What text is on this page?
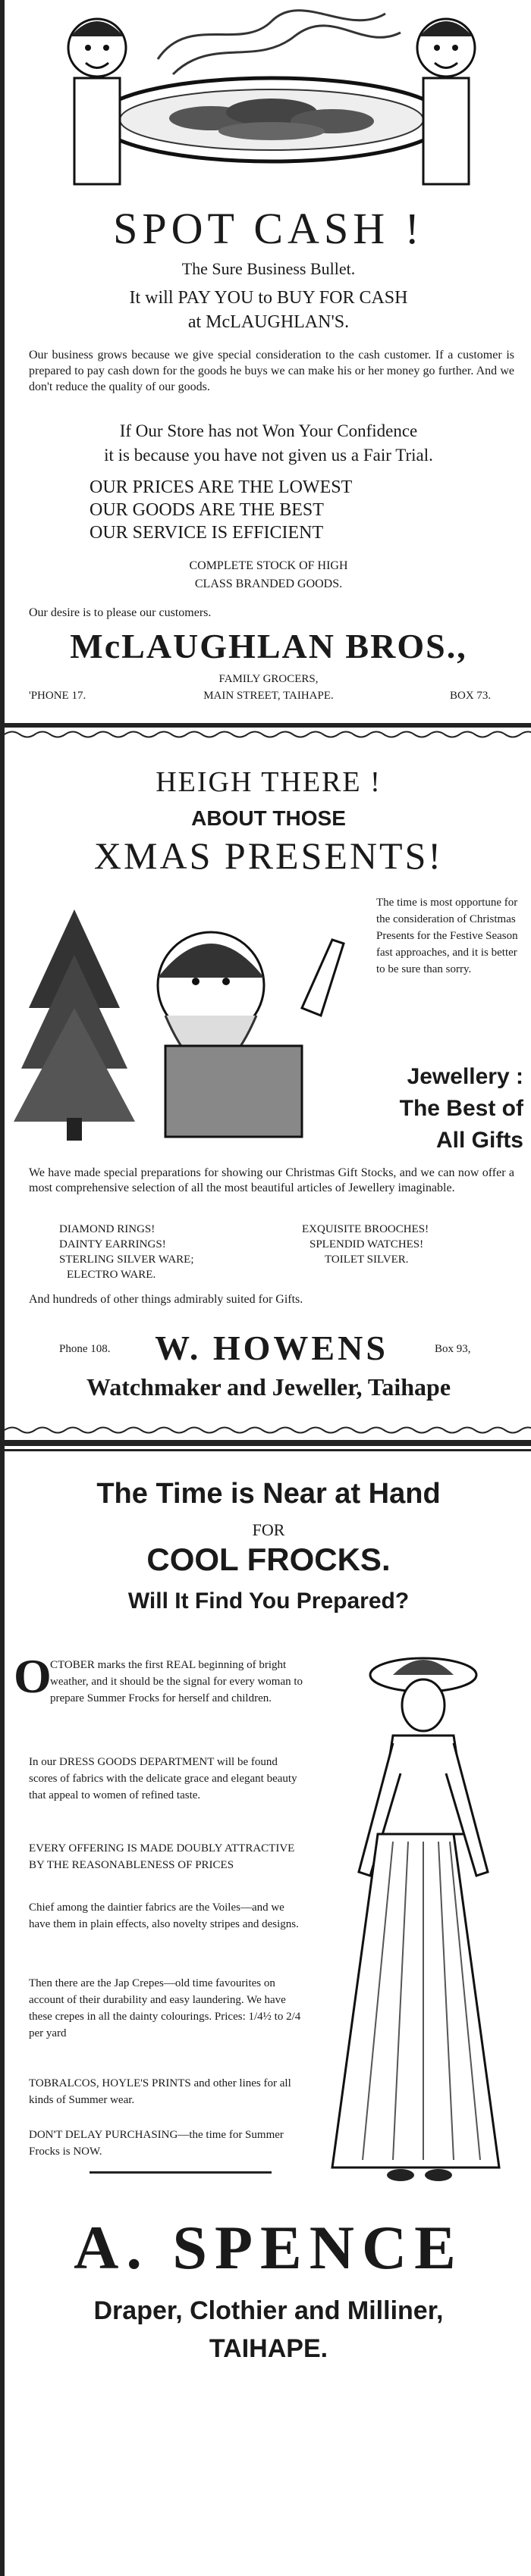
SPOT CASH !
The Sure Business Bullet.
It will PAY YOU to BUY FOR CASH
at McLAUGHLAN'S.
Our business grows because we give special consideration to the cash customer. If a customer is prepared to pay cash down for the goods he buys we can make his or her money go further. And we don't reduce the quality of our goods.
If Our Store has not Won Your Confidence
it is because you have not given us a Fair Trial.
OUR PRICES ARE THE LOWEST
OUR GOODS ARE THE BEST
OUR SERVICE IS EFFICIENT
COMPLETE STOCK OF HIGH
CLASS BRANDED GOODS.
Our desire is to please our customers.
McLAUGHLAN BROS.,
FAMILY GROCERS,
'PHONE 17.	MAIN STREET, TAIHAPE.	BOX 73.
HEIGH THERE !
ABOUT THOSE
XMAS PRESENTS!
The time is most opportune for the consideration of Christmas Presents for the Festive Season fast approaches, and it is better to be sure than sorry.
Jewellery :
The Best of
All Gifts
We have made special preparations for showing our Christmas Gift Stocks, and we can now offer a most comprehensive selection of all the most beautiful articles of Jewellery imaginable.
DIAMOND RINGS!
DAINTY EARRINGS!
STERLING SILVER WARE;
ELECTRO WARE.
EXQUISITE BROOCHES!
SPLENDID WATCHES!
TOILET SILVER.
And hundreds of other things admirably suited for Gifts.
Phone 108.	W. HOWENS	Box 93,
Watchmaker and Jeweller, Taihape
The Time is Near at Hand
FOR
COOL FROCKS.
Will It Find You Prepared?
O
CTOBER marks the first REAL beginning of bright weather, and it should be the signal for every woman to prepare Summer Frocks for herself and children.
In our DRESS GOODS DEPARTMENT will be found scores of fabrics with the delicate grace and elegant beauty that appeal to women of refined taste.
EVERY OFFERING IS MADE DOUBLY ATTRACTIVE BY THE REASONABLENESS OF PRICES
Chief among the daintier fabrics are the Voiles—and we have them in plain effects, also novelty stripes and designs.
Then there are the Jap Crepes—old time favourites on account of their durability and easy laundering. We have these crepes in all the dainty colourings. Prices: 1/4½ to 2/4 per yard
TOBRALCOS, HOYLE'S PRINTS and other lines for all kinds of Summer wear.
DON'T DELAY PURCHASING—the time for Summer Frocks is NOW.
A. SPENCE
Draper, Clothier and Milliner,
TAIHAPE.
